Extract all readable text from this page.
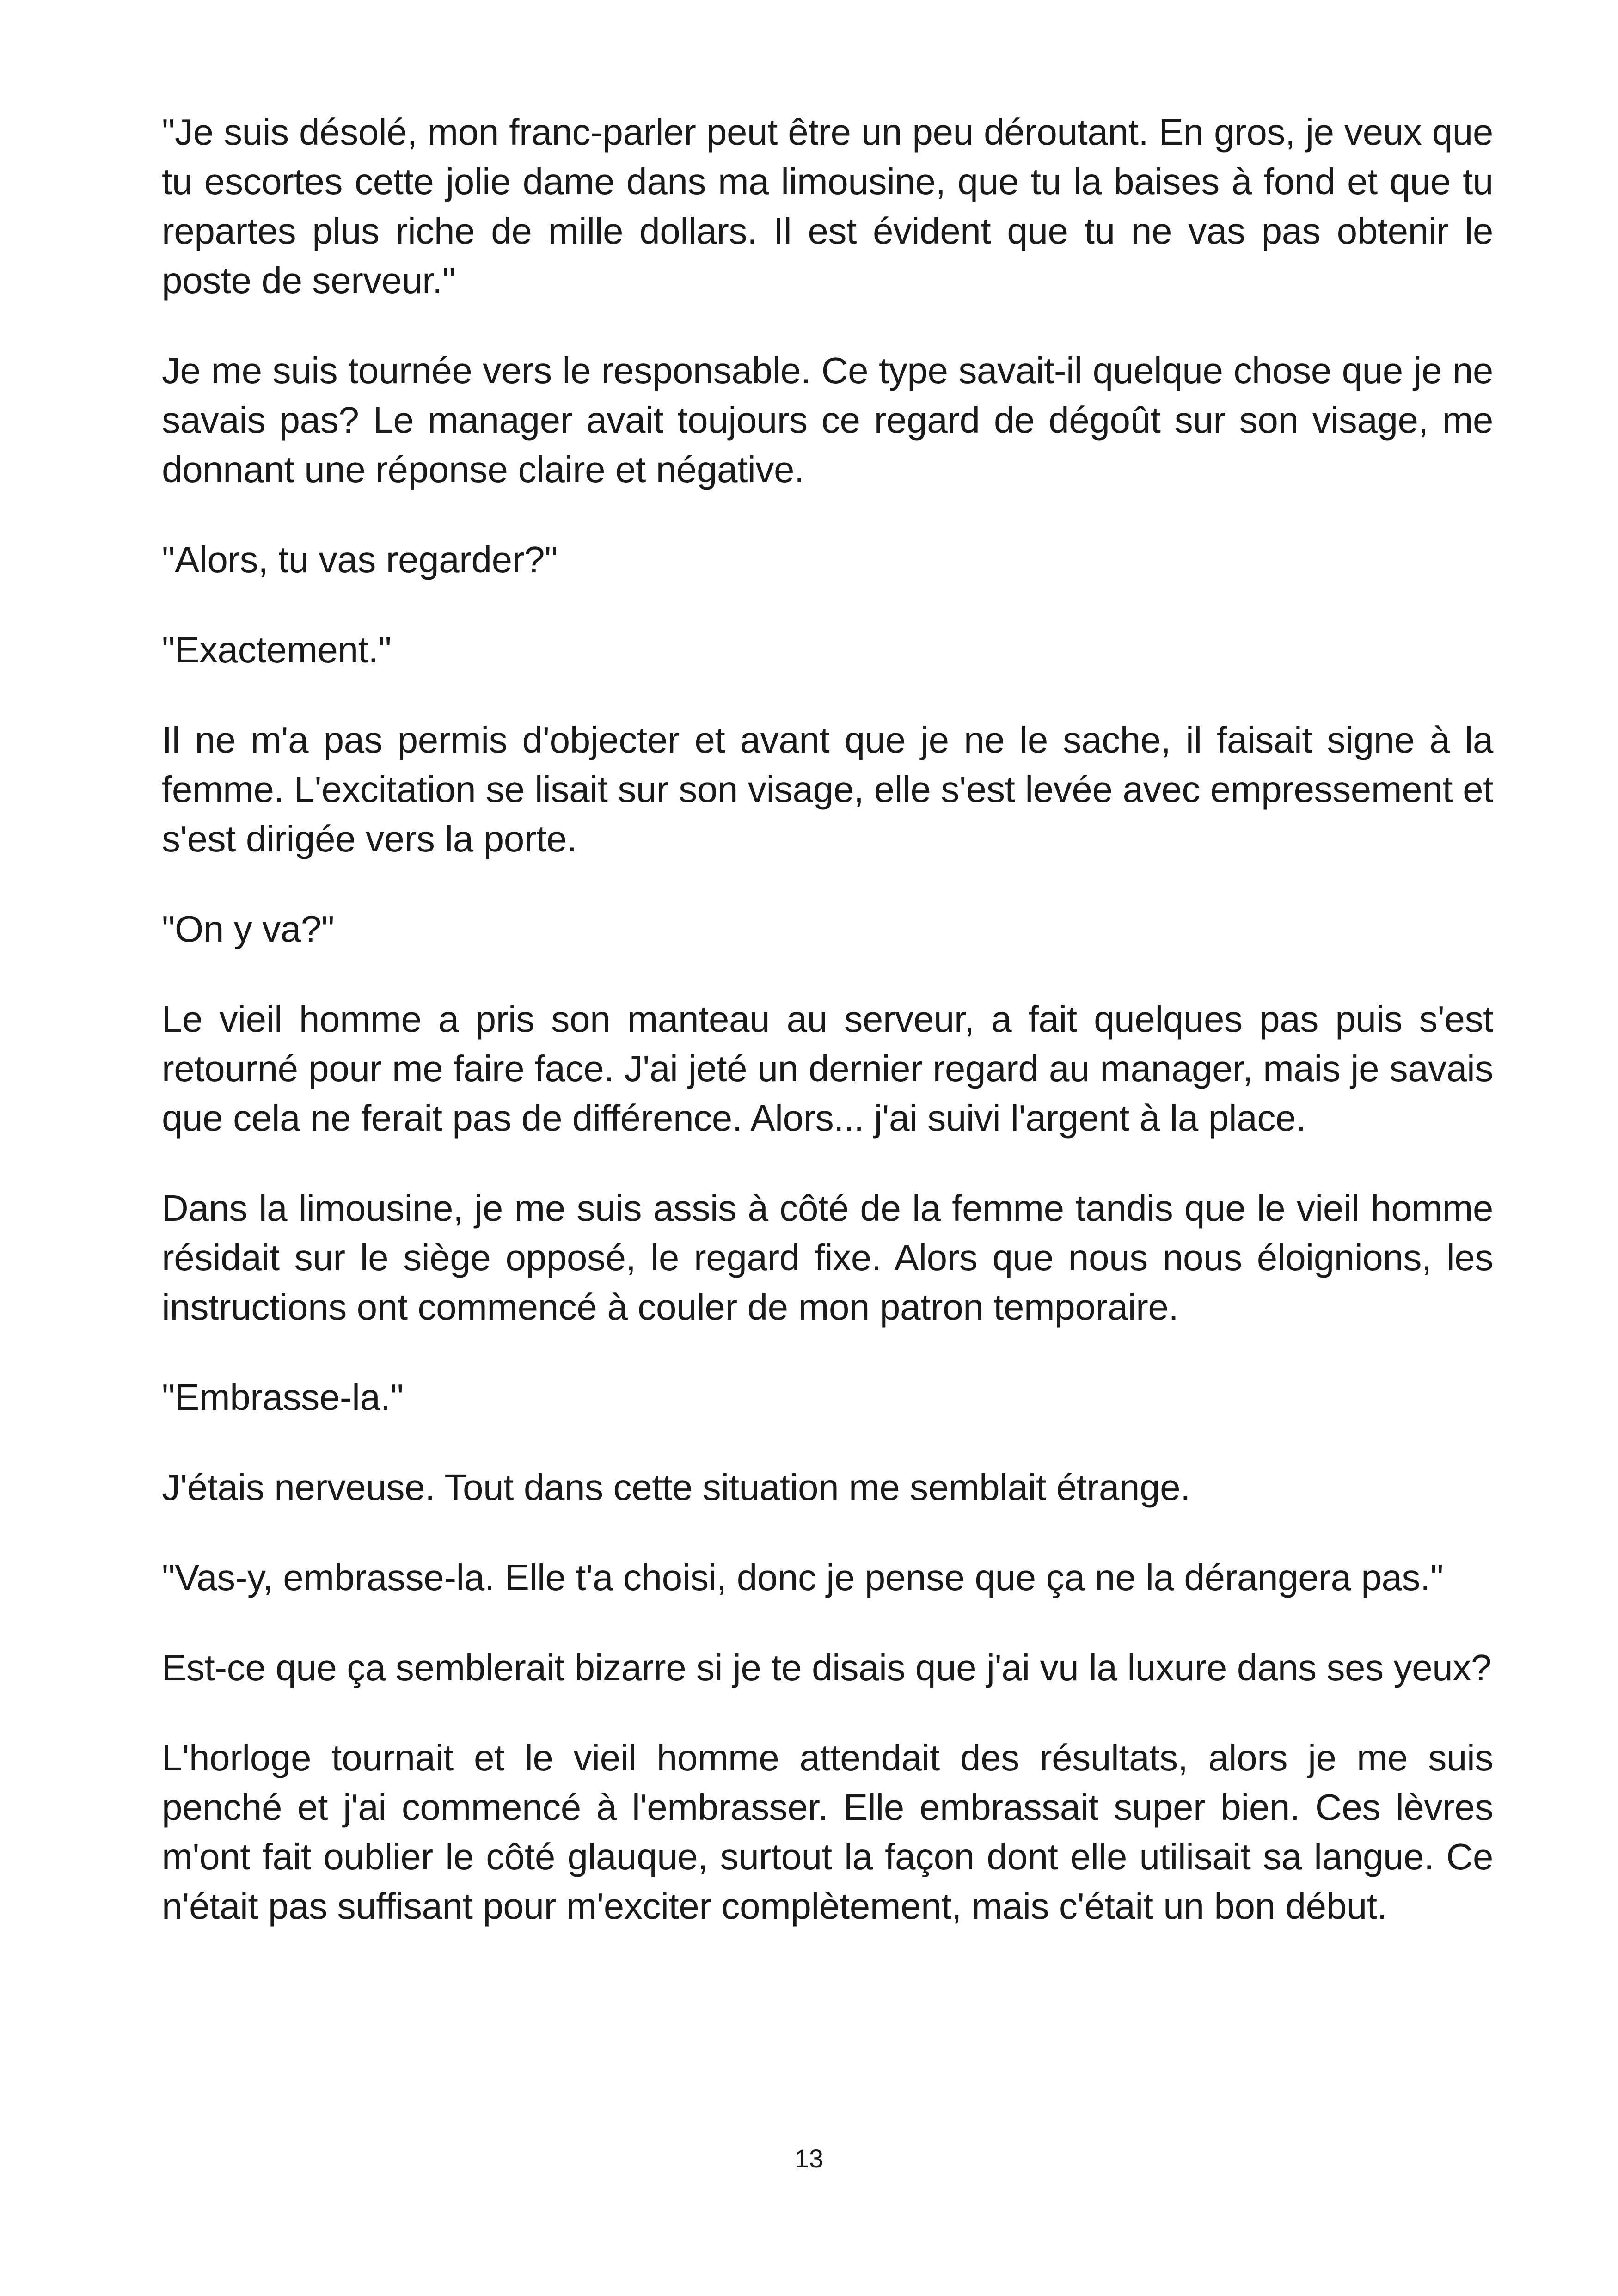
"Je suis désolé, mon franc-parler peut être un peu déroutant. En gros, je veux que tu escortes cette jolie dame dans ma limousine, que tu la baises à fond et que tu repartes plus riche de mille dollars. Il est évident que tu ne vas pas obtenir le poste de serveur."

Je me suis tournée vers le responsable. Ce type savait-il quelque chose que je ne savais pas? Le manager avait toujours ce regard de dégoût sur son visage, me donnant une réponse claire et négative.

"Alors, tu vas regarder?"

"Exactement."

Il ne m'a pas permis d'objecter et avant que je ne le sache, il faisait signe à la femme. L'excitation se lisait sur son visage, elle s'est levée avec empressement et s'est dirigée vers la porte.

"On y va?"

Le vieil homme a pris son manteau au serveur, a fait quelques pas puis s'est retourné pour me faire face. J'ai jeté un dernier regard au manager, mais je savais que cela ne ferait pas de différence. Alors... j'ai suivi l'argent à la place.

Dans la limousine, je me suis assis à côté de la femme tandis que le vieil homme résidait sur le siège opposé, le regard fixe. Alors que nous nous éloignions, les instructions ont commencé à couler de mon patron temporaire.

"Embrasse-la."

J'étais nerveuse. Tout dans cette situation me semblait étrange.

"Vas-y, embrasse-la. Elle t'a choisi, donc je pense que ça ne la dérangera pas."

Est-ce que ça semblerait bizarre si je te disais que j'ai vu la luxure dans ses yeux?

L'horloge tournait et le vieil homme attendait des résultats, alors je me suis penché et j'ai commencé à l'embrasser. Elle embrassait super bien. Ces lèvres m'ont fait oublier le côté glauque, surtout la façon dont elle utilisait sa langue. Ce n'était pas suffisant pour m'exciter complètement, mais c'était un bon début.

13
